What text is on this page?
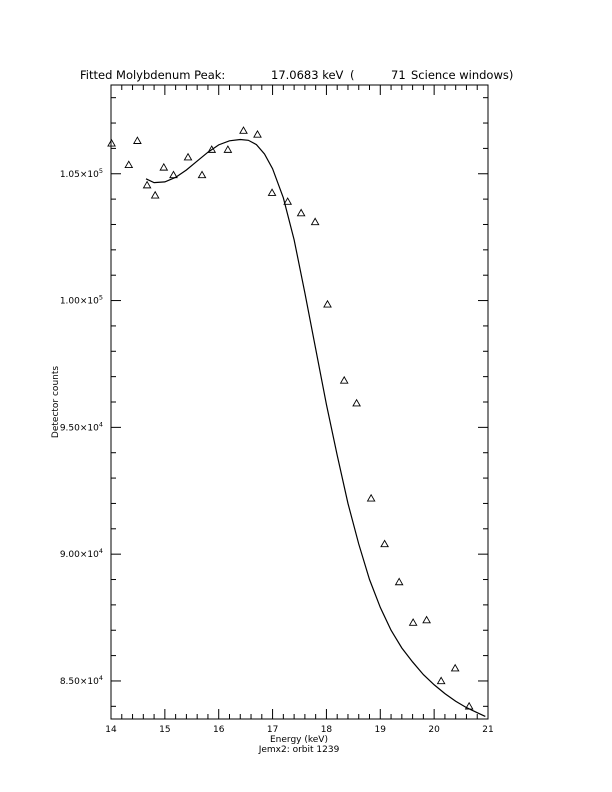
Fitted Molybdenum Peak:	17.0683 keV (	71 Science windows)
14	15	16	17	18	19	20	21
$8.50\times 10^4$
$9.00\times 10^4$
$9.50\times 10^4$
$1.00\times 10^5$
$1.05\times 10^5$
Energy (keV)
Jemx2: orbit 1239
Detector counts
